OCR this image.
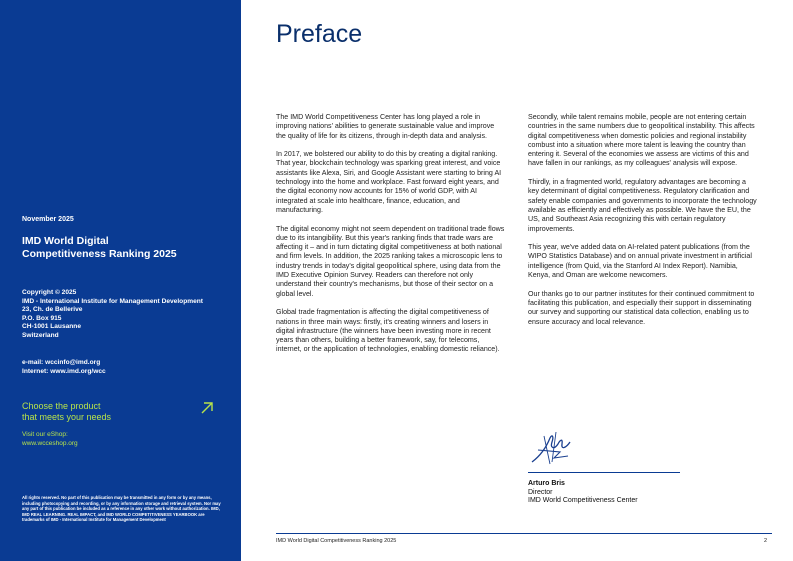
November 2025
IMD World Digital
Competitiveness Ranking 2025
Copyright © 2025
IMD - International Institute for Management Development
23, Ch. de Bellerive
P.O. Box 915
CH-1001 Lausanne
Switzerland
e-mail: wccinfo@imd.org
Internet: www.imd.org/wcc
Choose the product
that meets your needs
Visit our eShop:
www.wcceshop.org
All rights reserved. No part of this publication may be transmitted in any form or by any means, including photocopying and recording, or by any information storage and retrieval system. Nor may any part of this publication be included as a reference in any other work without authorization. IMD, IMD REAL LEARNING. REAL IMPACT, and IMD WORLD COMPETITIVENESS YEARBOOK are trademarks of IMD - International Institute for Management Development
Preface

The IMD World Competitiveness Center has long played a role in improving nations' abilities to generate sustainable value and improve the quality of life for its citizens, through in-depth data and analysis.

In 2017, we bolstered our ability to do this by creating a digital ranking. That year, blockchain technology was sparking great interest, and voice assistants like Alexa, Siri, and Google Assistant were starting to bring AI technology into the home and workplace. Fast forward eight years, and the digital economy now accounts for 15% of world GDP, with AI integrated at scale into healthcare, finance, education, and manufacturing.

The digital economy might not seem dependent on traditional trade flows due to its intangibility. But this year's ranking finds that trade wars are affecting it – and in turn dictating digital competitiveness at both national and firm levels. In addition, the 2025 ranking takes a microscopic lens to industry trends in today's digital geopolitical sphere, using data from the IMD Executive Opinion Survey. Readers can therefore not only understand their country's mechanisms, but those of their sector on a global level.

Global trade fragmentation is affecting the digital competitiveness of nations in three main ways: firstly, it's creating winners and losers in digital infrastructure (the winners have been investing more in recent years than others, building a better framework, say, for telecoms, internet, or the application of technologies, enabling domestic reliance).

Secondly, while talent remains mobile, people are not entering certain countries in the same numbers due to geopolitical instability. This affects digital competitiveness when domestic policies and regional instability combust into a situation where more talent is leaving the country than entering it. Several of the economies we assess are victims of this and have fallen in our rankings, as my colleagues' analysis will expose.

Thirdly, in a fragmented world, regulatory advantages are becoming a key determinant of digital competitiveness. Regulatory clarification and safety enable companies and governments to incorporate the technology available as efficiently and effectively as possible. We have the EU, the US, and Southeast Asia recognizing this with certain regulatory improvements.

This year, we've added data on AI-related patent publications (from the WIPO Statistics Database) and on annual private investment in artificial intelligence (from Quid, via the Stanford AI Index Report). Namibia, Kenya, and Oman are welcome newcomers.

Our thanks go to our partner institutes for their continued commitment to facilitating this publication, and especially their support in disseminating our survey and supporting our statistical data collection, enabling us to ensure accuracy and local relevance.

Arturo Bris
Director
IMD World Competitiveness Center
IMD World Digital Competitiveness Ranking 2025	2
